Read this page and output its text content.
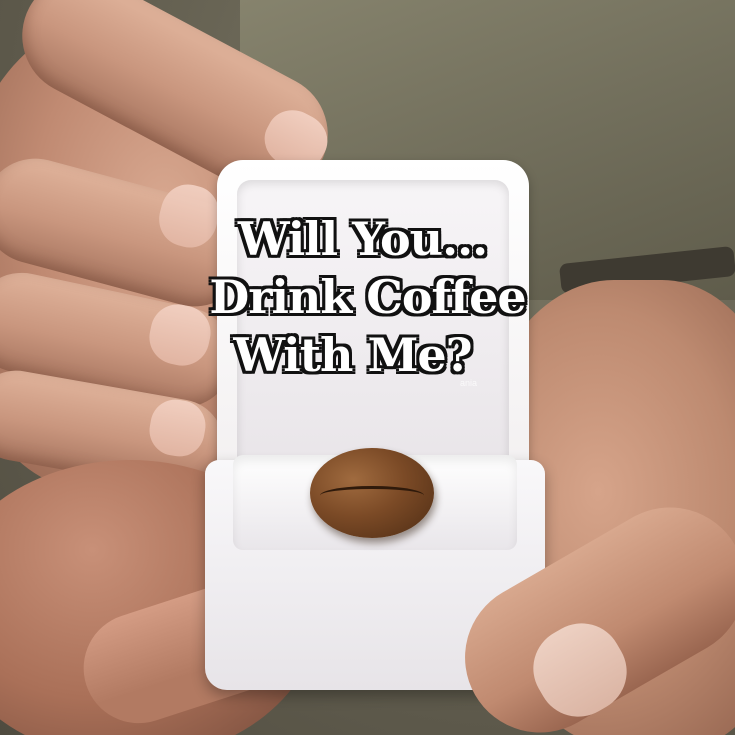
Will You...
Drink Coffee
With Me?
ania
